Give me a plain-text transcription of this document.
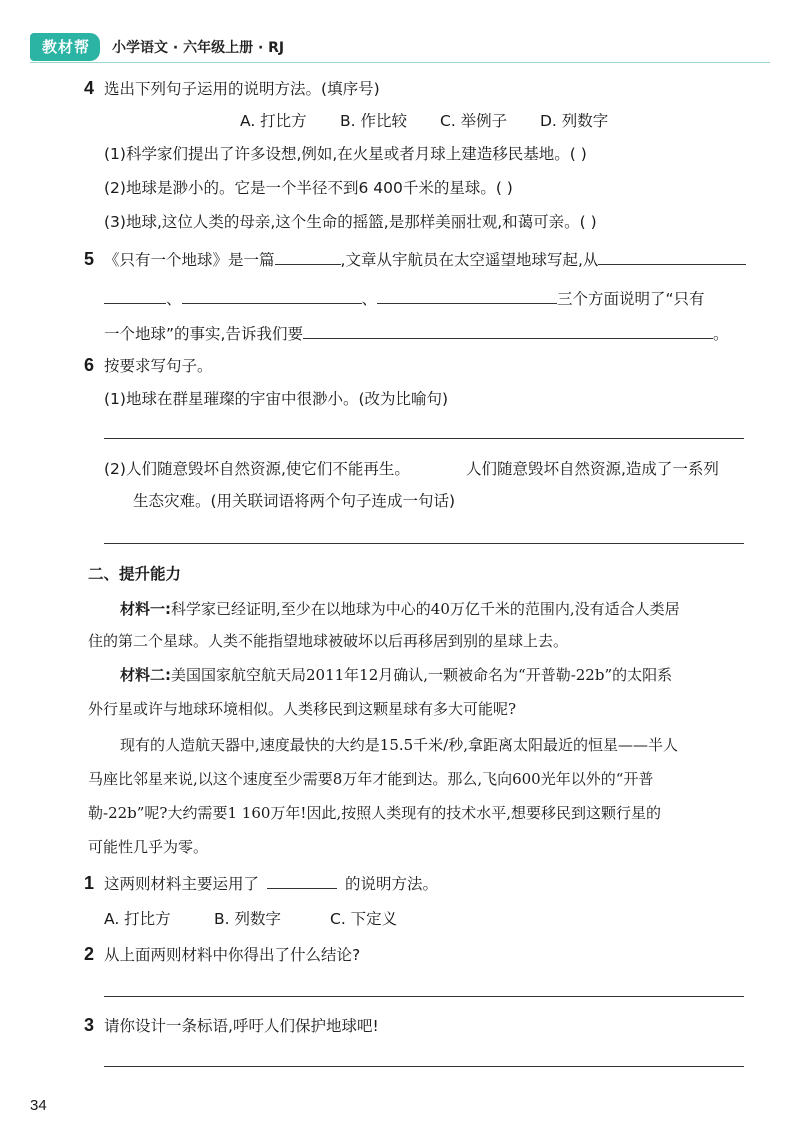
教材帮	小学语文 · 六年级上册 · RJ
4 选出下列句子运用的说明方法。(填序号)
A. 打比方 B. 作比较 C. 举例子 D. 列数字
(1)科学家们提出了许多设想,例如,在火星或者月球上建造移民基地。( )
(2)地球是渺小的。它是一个半径不到6 400千米的星球。( )
(3)地球,这位人类的母亲,这个生命的摇篮,是那样美丽壮观,和蔼可亲。( )
5 《只有一个地球》是一篇	,文章从宇航员在太空遥望地球写起,从
、	、	三个方面说明了“只有
一个地球”的事实,告诉我们要	。
6 按要求写句子。
(1)地球在群星璀璨的宇宙中很渺小。(改为比喻句)
(2)人们随意毁坏自然资源,使它们不能再生。	人们随意毁坏自然资源,造成了一系列
生态灾难。(用关联词语将两个句子连成一句话)
二、提升能力
材料一:科学家已经证明,至少在以地球为中心的40万亿千米的范围内,没有适合人类居
住的第二个星球。人类不能指望地球被破坏以后再移居到别的星球上去。
材料二:美国国家航空航天局2011年12月确认,一颗被命名为“开普勒-22b”的太阳系
外行星或许与地球环境相似。人类移民到这颗星球有多大可能呢?
现有的人造航天器中,速度最快的大约是15.5千米/秒,拿距离太阳最近的恒星——半人
马座比邻星来说,以这个速度至少需要8万年才能到达。那么,飞向600光年以外的“开普
勒-22b”呢?大约需要1 160万年!因此,按照人类现有的技术水平,想要移民到这颗行星的
可能性几乎为零。
1 这两则材料主要运用了	的说明方法。
A. 打比方	B. 列数字	C. 下定义
2 从上面两则材料中你得出了什么结论?
3 请你设计一条标语,呼吁人们保护地球吧!
34
